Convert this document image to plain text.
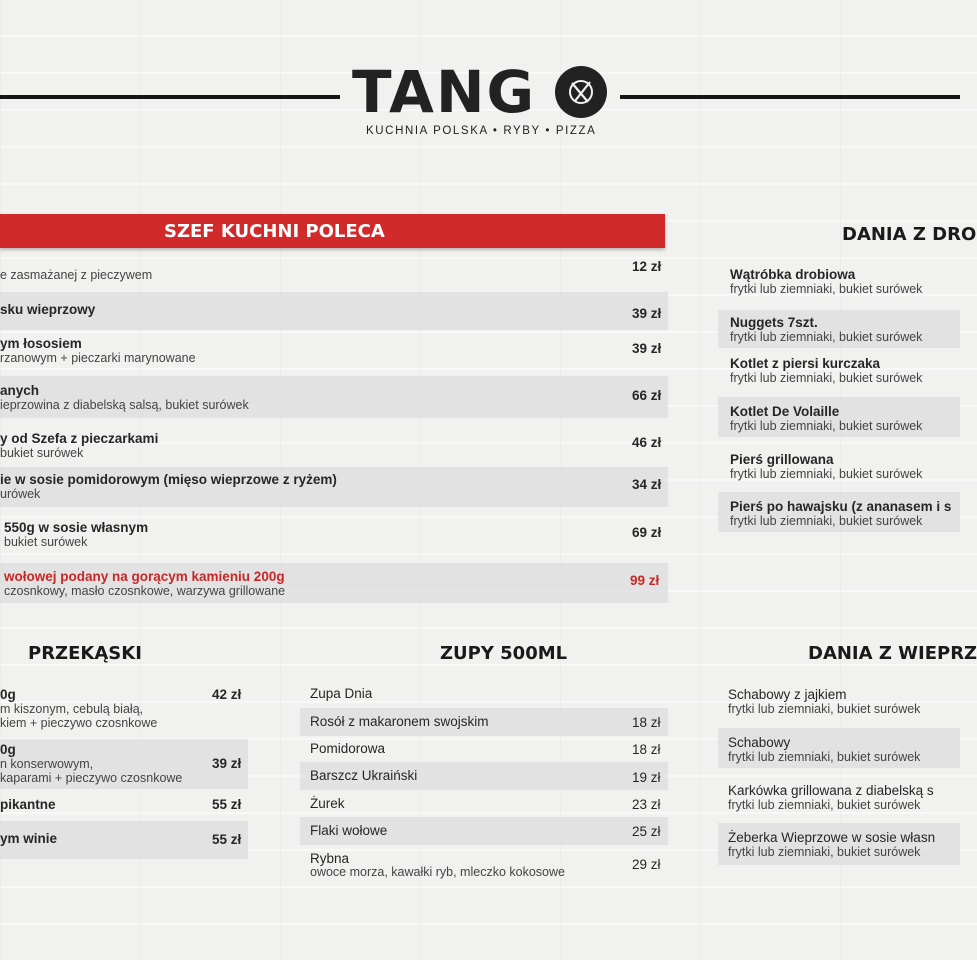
TANG
KUCHNIA POLSKA • RYBY • PIZZA
SZEF KUCHNI POLECA
e zasmażanej z pieczywem
12 zł
sku wieprzowy	39 zł
ym łososiem
rzanowym + pieczarki marynowane
39 zł
anych
ieprzowina z diabelską salsą, bukiet surówek
66 zł
y od Szefa z pieczarkami
bukiet surówek
46 zł
ie w sosie pomidorowym (mięso wieprzowe z ryżem)
urówek
34 zł
550g w sosie własnym
bukiet surówek
69 zł
wołowej podany na gorącym kamieniu 200g
czosnkowy, masło czosnkowe, warzywa grillowane
99 zł
DANIA Z DRO
Wątróbka drobiowa
frytki lub ziemniaki, bukiet surówek
Nuggets 7szt.
frytki lub ziemniaki, bukiet surówek
Kotlet z piersi kurczaka
frytki lub ziemniaki, bukiet surówek
Kotlet De Volaille
frytki lub ziemniaki, bukiet surówek
Pierś grillowana
frytki lub ziemniaki, bukiet surówek
Pierś po hawajsku (z ananasem i s
frytki lub ziemniaki, bukiet surówek
PRZEKĄSKI
0g
m kiszonym, cebulą białą,
kiem + pieczywo czosnkowe
42 zł
0g
n konserwowym,
kaparami + pieczywo czosnkowe
39 zł
pikantne	55 zł
ym winie	55 zł
ZUPY 500ML
Zupa Dnia
Rosół z makaronem swojskim	18 zł
Pomidorowa	18 zł
Barszcz Ukraiński	19 zł
Żurek	23 zł
Flaki wołowe	25 zł
Rybna
owoce morza, kawałki ryb, mleczko kokosowe	29 zł
DANIA Z WIEPRZ
Schabowy z jajkiem
frytki lub ziemniaki, bukiet surówek
Schabowy
frytki lub ziemniaki, bukiet surówek
Karkówka grillowana z diabelską s
frytki lub ziemniaki, bukiet surówek
Żeberka Wieprzowe w sosie własn
frytki lub ziemniaki, bukiet surówek
